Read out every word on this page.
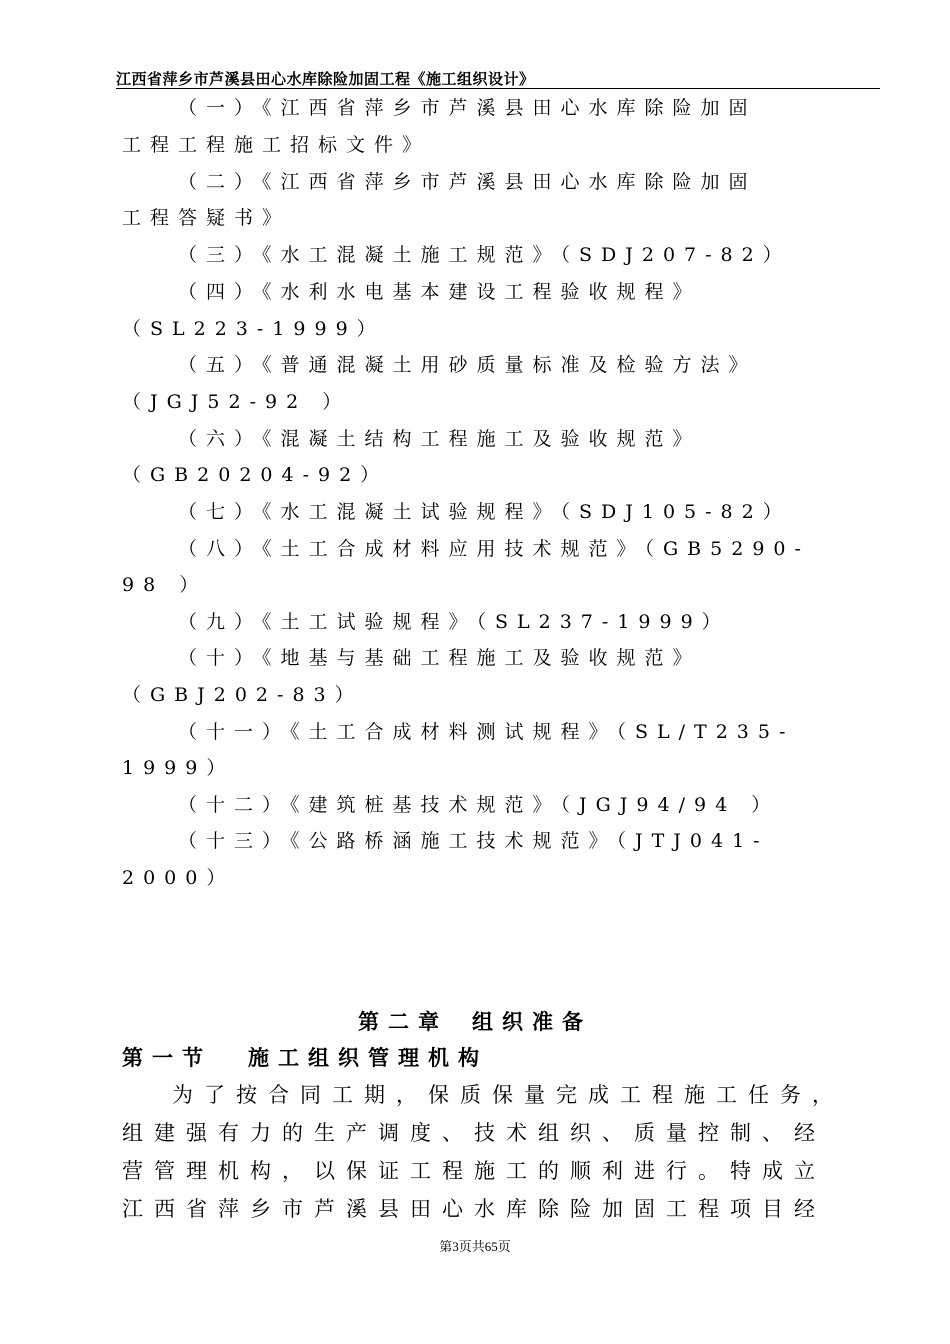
江西省萍乡市芦溪县田心水库除险加固工程《施工组织设计》
（一）《江西省萍乡市芦溪县田心水库除险加固
工程工程施工招标文件》
（二）《江西省萍乡市芦溪县田心水库除险加固
工程答疑书》
（三）《水工混凝土施工规范》（SDJ207-82）
（四）《水利水电基本建设工程验收规程》
（SL223-1999）
（五）《普通混凝土用砂质量标准及检验方法》
（JGJ52-92 ）
（六）《混凝土结构工程施工及验收规范》
（GB20204-92）
（七）《水工混凝土试验规程》（SDJ105-82）
（八）《土工合成材料应用技术规范》（GB5290-
98 ）
（九）《土工试验规程》（SL237-1999）
（十）《地基与基础工程施工及验收规范》
（GBJ202-83）
（十一）《土工合成材料测试规程》（SL/T235-
1999）
（十二）《建筑桩基技术规范》（JGJ94/94 ）
（十三）《公路桥涵施工技术规范》（JTJ041-
2000）
第二章 组织准备
第一节 施工组织管理机构
为了按合同工期，保质保量完成工程施工任务，
组建强有力的生产调度、技术组织、质量控制、经
营管理机构，以保证工程施工的顺利进行。特成立
江西省萍乡市芦溪县田心水库除险加固工程项目经
第3页共65页
